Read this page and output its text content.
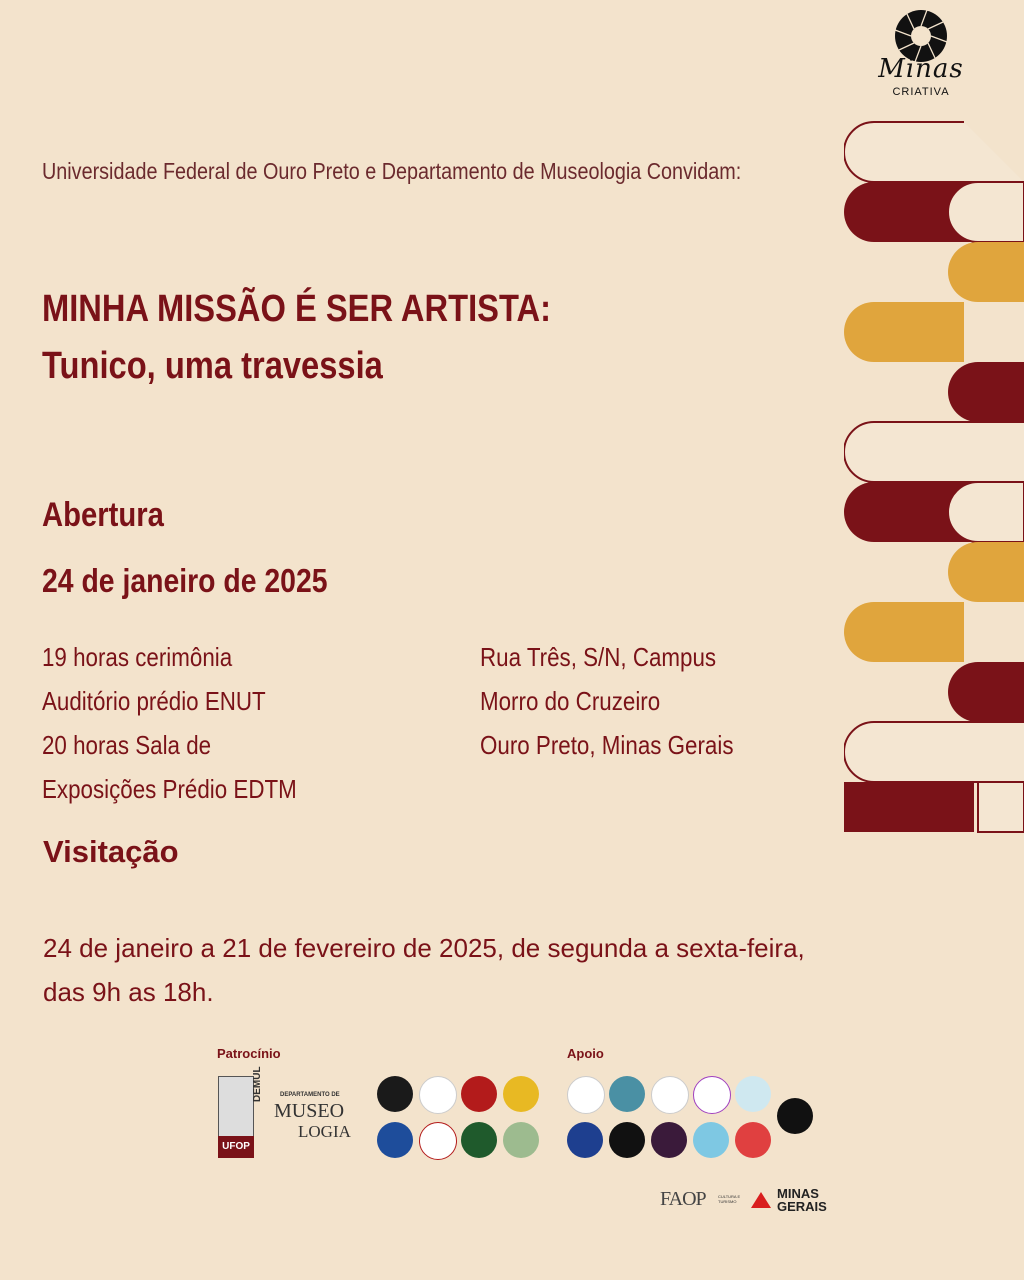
Minas
CRIATIVA
Universidade Federal de Ouro Preto e Departamento de Museologia Convidam:
MINHA MISSÃO É SER ARTISTA:
Tunico, uma travessia
Abertura
24 de janeiro de 2025
19 horas cerimônia
Auditório prédio ENUT
20 horas Sala de
Exposições Prédio EDTM
Rua Três, S/N, Campus
Morro do Cruzeiro
Ouro Preto, Minas Gerais
Visitação
24 de janeiro a 21 de fevereiro de 2025, de segunda a sexta-feira, das 9h as 18h.
Patrocínio	Apoio
UFOP
DEMUL	DEPARTAMENTO DE
MUSEO
LOGIA
FAOP	CULTURA E TURISMO
MINAS
GERAIS
